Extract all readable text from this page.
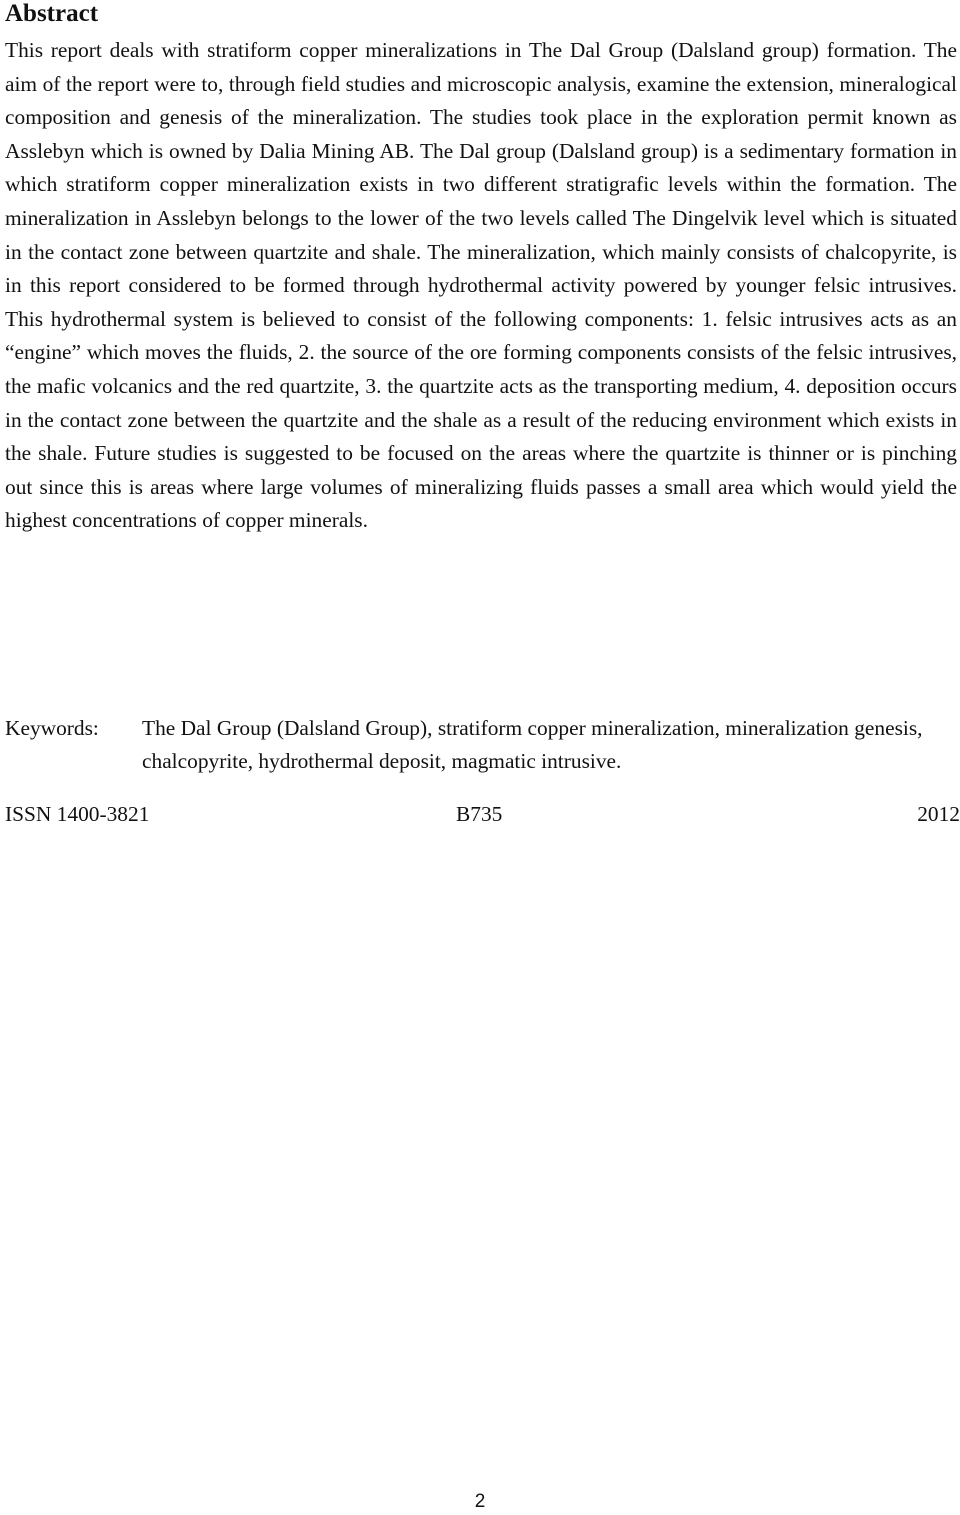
Abstract

This report deals with stratiform copper mineralizations in The Dal Group (Dalsland group) formation. The aim of the report were to, through field studies and microscopic analysis, examine the extension, mineralogical composition and genesis of the mineralization. The studies took place in the exploration permit known as Asslebyn which is owned by Dalia Mining AB. The Dal group (Dalsland group) is a sedimentary formation in which stratiform copper mineralization exists in two different stratigrafic levels within the formation. The mineralization in Asslebyn belongs to the lower of the two levels called The Dingelvik level which is situated in the contact zone between quartzite and shale. The mineralization, which mainly consists of chalcopyrite, is in this report considered to be formed through hydrothermal activity powered by younger felsic intrusives. This hydrothermal system is believed to consist of the following components: 1. felsic intrusives acts as an “engine” which moves the fluids, 2. the source of the ore forming components consists of the felsic intrusives, the mafic volcanics and the red quartzite, 3. the quartzite acts as the transporting medium, 4. deposition occurs in the contact zone between the quartzite and the shale as a result of the reducing environment which exists in the shale. Future studies is suggested to be focused on the areas where the quartzite is thinner or is pinching out since this is areas where large volumes of mineralizing fluids passes a small area which would yield the highest concentrations of copper minerals.

Keywords:	The Dal Group (Dalsland Group), stratiform copper mineralization, mineralization genesis, chalcopyrite, hydrothermal deposit, magmatic intrusive.
ISSN 1400-3821	B735	2012
2
